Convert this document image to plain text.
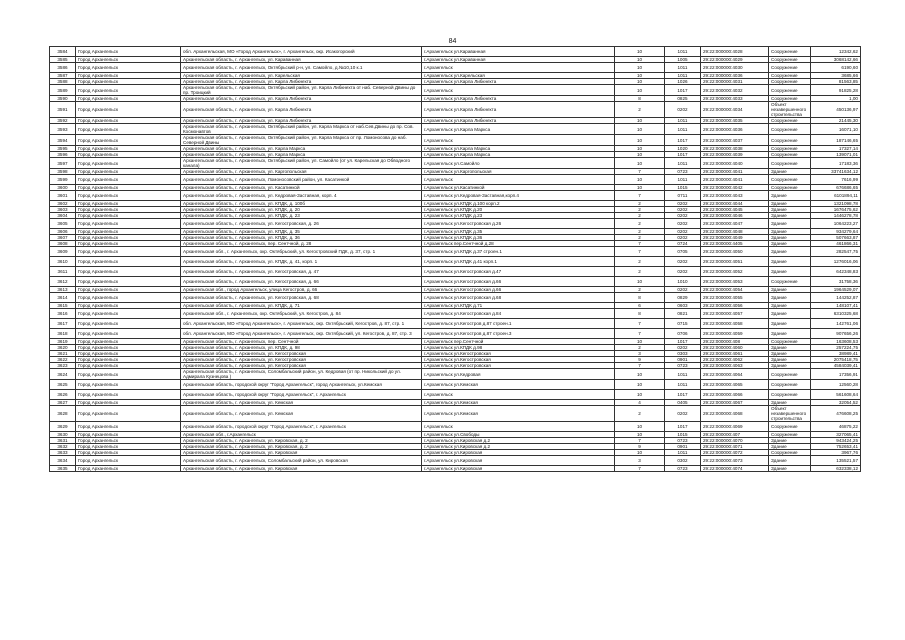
84
3584	Город Архангельск	обл. Архангельская, МО «Город Архангельск», г. Архангельск, окр. Исакогорский	г.Архангельск ул.Караванная	10	1011	29:22:000000:4028	Сооружение	12342,62
3585	Город Архангельск	Архангельская область, г. Архангельск, ул. Караванная	г.Архангельск ул.Караванная	10	1005	29:22:000000:4029	Сооружение	3068142,66
3586	Город Архангельск	Архангельская область, г. Архангельск, Октябрьский р-н, ул. Самойло, д.№10,10 к.1	г.Архангельск	10	1011	29:22:000000:4030	Сооружение	6190,60
3587	Город Архангельск	Архангельская область, г. Архангельск, ул. Карельская	г.Архангельск ул.Карельская	10	1011	29:22:000000:4036	Сооружение	3685,66
3588	Город Архангельск	Архангельская область, г. Архангельск, ул. Карла Либкнехта	г.Архангельск ул.Карла Либкнехта	10	1026	29:22:000000:4031	Сооружение	81563,85
3589	Город Архангельск	Архангельская область, г. Архангельск, Октябрьский район, ул. Карла Либкнехта от наб. Северной Двины до пр. Троицкий	г.Архангельск	10	1017	29:22:000000:4032	Сооружение	91825,28
3590	Город Архангельск	Архангельская область, г. Архангельск, ул. Карла Либкнехта	г.Архангельск ул.Карла Либкнехта	8	0825	29:22:000000:4033	Сооружение	1,00
3591	Город Архангельск	Архангельская область, г. Архангельск, ул. Карла Либкнехта	г.Архангельск ул.Карла Либкнехта	2	0202	29:22:000000:4034	Объект незавершенного строительства	450136,97
3592	Город Архангельск	Архангельская область, г. Архангельск, ул. Карла Либкнехта	г.Архангельск ул.Карла Либкнехта	10	1011	29:22:000000:4035	Сооружение	21445,30
3593	Город Архангельск	Архангельская область, г. Архангельск, Октябрьский район, ул. Карла Маркса от наб.Сев.Двины до пр. Сов. Космонавтов	г.Архангельск ул.Карла Маркса	10	1011	29:22:000000:4036	Сооружение	16071,10
3594	Город Архангельск	Архангельская область, г. Архангельск, Октябрьский район, ул. Карла Маркса от пр. Ломоносова до наб. Северной Двины	г.Архангельск	10	1017	29:22:000000:4037	Сооружение	187146,65
3595	Город Архангельск	Архангельская область, г. Архангельск, ул. Карла Маркса	г.Архангельск ул.Карла Маркса	10	1020	29:22:000000:4038	Сооружение	17327,14
3596	Город Архангельск	Архангельская область, г. Архангельск, ул. Карла Маркса	г.Архангельск ул.Карла Маркса	10	1017	29:22:000000:4039	Сооружение	139071,01
3597	Город Архангельск	Архангельская область, г. Архангельск, Октябрьский район, ул. Самойло (от ул. Карельская до Обводного канала)	г.Архангельск ул.Самойло	10	1011	29:22:000000:4040	Сооружение	17183,36
3598	Город Архангельск	Архангельская область, г. Архангельск, ул. Каргопольская	г.Архангельск ул.Каргопольская	7	0723	29:22:000000:4041	Здание	33741634,12
3599	Город Архангельск	Архангельская область, г. Архангельск, Ломоносовский район, ул. Касатинкой	г.Архангельск	10	1011	29:22:000000:4041	Сооружение	7616,99
3600	Город Архангельск	Архангельская область, г. Архангельск, ул. Касатинкой	г.Архангельск ул.Касатинкой	10	1015	29:22:000000:4042	Сооружение	676686,65
3601	Город Архангельск	Архангельская область, г. Архангельск, ул. Кедровая-Заставная, корп. 4	г.Архангельск ул.Кедровая-Заставная,корп.4	7	0711	29:22:000000:4043	Здание	6101894,11
3602	Город Архангельск	Архангельская область, г. Архангельск, ул. КПДК, д. 100б	г.Архангельск ул.КПДК д.100 корп.2	2	0202	29:22:000000:4044	Здание	1321098,78
3603	Город Архангельск	Архангельская область, г. Архангельск, ул. КПДК, д. 20	г.Архангельск ул.КПДК д.20	2	0202	29:22:000000:4045	Здание	1676475,62
3604	Город Архангельск	Архангельская область, г. Архангельск, ул. КПДК, д. 23	г.Архангельск ул.КПДК д.23	2	0202	29:22:000000:4046	Здание	1446278,78
3605	Город Архангельск	Архангельская область, г. Архангельск, ул. Кегостровская, д. 26	г.Архангельск ул.Кегостровская д.26	2	0202	29:22:000000:4047	Здание	1064223,27
3606	Город Архангельск	Архангельская область, г. Архангельск, ул. КПДК, д. 35	г.Архангельск ул.КПДК д.35	2	0202	29:22:000000:4048	Здание	934279,64
3607	Город Архангельск	Архангельская область, г. Архангельск, ул. КПДК, д. 36	г.Архангельск ул.КПДК д.36	2	0202	29:22:000000:4049	Здание	507663,87
3608	Город Архангельск	Архангельская область, г. Архангельск, пер. Сентчной, д. 28	г.Архангельск пер.Сентчной д.28	7	0724	29:22:000000:4405	Здание	461866,31
3609	Город Архангельск	Архангельская обл., г. Архангельск, окр. Октябрьский, ул. Кегостровский ПДК, д. 37, стр. 1	г.Архангельск ул.КПДК д.37 строен.1	7	0705	29:22:000000:4050	Здание	282547,75
3610	Город Архангельск	Архангельская область, г. Архангельск, ул. КПДК, д. 41, корп. 1	г.Архангельск ул.КПДК д.41 корп.1	2	0202	29:22:000000:4051	Здание	1276016,06
3611	Город Архангельск	Архангельская область, г. Архангельск, ул. Кегостровская, д. 47	г.Архангельск ул.Кегостровская д.47	2	0202	29:22:000000:4052	Здание	642348,83
3612	Город Архангельск	Архангельская область, г. Архангельск, ул. Кегостровская, д. 66	г.Архангельск ул.Кегостровская д.66	10	1010	29:22:000000:4053	Сооружение	31758,36
3613	Город Архангельск	Архангельская обл., город Архангельск, улица Кегостров, д. 66	г.Архангельск ул.Кегостровская д.66	2	0202	29:22:000000:4054	Здание	1964529,07
3614	Город Архангельск	Архангельская область, г. Архангельск, ул. Кегостровская, д. 68	г.Архангельск ул.Кегостровская д.68	8	0829	29:22:000000:4055	Здание	144252,87
3615	Город Архангельск	Архангельская область, г. Архангельск, ул. КПДК, д. 71	г.Архангельск ул.КПДК д.71	6	0603	29:22:000000:4056	Здание	148107,41
3616	Город Архангельск	Архангельская обл., г. Архангельск, окр. Октябрьский, ул. Кегостров, д. 84	г.Архангельск ул.Кегостровская д.84	8	0821	29:22:000000:4057	Здание	6310325,68
3617	Город Архангельск	обл. Архангельская, МО «Город Архангельск», г. Архангельск, окр. Октябрьский, Кегостров, д. 87, стр. 1	г.Архангельск ул.Кегостров д.87 строен.1	7	0715	29:22:000000:4058	Здание	142761,06
3618	Город Архангельск	обл. Архангельская, МО «Город Архангельск», г. Архангельск, окр. Октябрьский, ул. Кегостров, д. 87, стр. 3	г.Архангельск ул.Кегостров д.87 строен.3	7	0706	29:22:000000:4059	Здание	907656,26
3619	Город Архангельск	Архангельская область, г. Архангельск, пер. Сентчной	г.Архангельск пер.Сентчной	10	1017	29:22:000000:408	Сооружение	163608,53
3620	Город Архангельск	Архангельская область, г. Архангельск, ул. КПДК, д. 98	г.Архангельск ул.КПДК д.98	2	0202	29:22:000000:4060	Здание	257224,75
3621	Город Архангельск	Архангельская область, г. Архангельск, ул. Кегостровская	г.Архангельск ул.Кегостровская	3	0303	29:22:000000:4061	Здание	38989,41
3622	Город Архангельск	Архангельская область, г. Архангельск, ул. Кегостровская	г.Архангельск ул.Кегостровская	9	0901	29:22:000000:4062	Здание	2075418,75
3623	Город Архангельск	Архангельская область, г. Архангельск, ул. Кегостровская	г.Архангельск ул.Кегостровская	7	0723	29:22:000000:4063	Здание	4584039,41
3624	Город Архангельск	Архангельская область, г. Архангельск, Соломбальский район, ул. Кедровая (от пр. Никольский до ул. Адмирала Кузнецова )	г.Архангельск ул.Кедровая	10	1011	29:22:000000:4064	Сооружение	17356,91
3625	Город Архангельск	Архангельская область, городской округ "Город Архангельск", город Архангельск, ул.Кемская	г.Архангельск ул.Кемская	10	1011	29:22:000000:4065	Сооружение	12560,28
3626	Город Архангельск	Архангельская область, городской округ "Город Архангельск", г. Архангельск	г.Архангельск	10	1017	29:22:000000:4066	Сооружение	561608,64
3627	Город Архангельск	Архангельская область, г. Архангельск, ул. Кемская	г.Архангельск ул.Кемская	4	0405	29:22:000000:4067	Здание	32054,52
3628	Город Архангельск	Архангельская область, г. Архангельск, ул. Кемская	г.Архангельск ул.Кемская	2	0202	29:22:000000:4068	Объект незавершенного строительства	476608,25
3629	Город Архангельск	Архангельская область, городской округ "Город Архангельск", г. Архангельск	г.Архангельск	10	1017	29:22:000000:4069	Сооружение	46875,22
3630	Город Архангельск	Архангельская обл., г.Архангельск	г.Архангельск ул.Свободы	10	1015	29:22:000000:407	Сооружение	327065,41
3631	Город Архангельск	Архангельская область, г. Архангельск, ул. Кировская, д. 2	г.Архангельск ул.Кировская д.2	7	0723	29:22:000000:4070	Здание	943424,25
3632	Город Архангельск	Архангельская область, г. Архангельск, ул. Кировская, д. 2	г.Архангельск ул.Кировская д.2	9	0901	29:22:000000:4071	Здание	752653,41
3633	Город Архангельск	Архангельская область, г. Архангельск, ул. Кировская	г.Архангельск ул.Кировская	10	1011	29:22:000000:4072	Сооружение	3967,76
3634	Город Архангельск	Архангельская область, г. Архангельск, Соломбальский район, ул. Кировская	г.Архангельск ул.Кировская	3	0302	29:22:000000:4073	Здание	135521,57
3635	Город Архангельск	Архангельская область, г. Архангельск, ул. Кировская	г.Архангельск ул.Кировская	7	0723	29:22:000000:4074	Здание	632338,12
